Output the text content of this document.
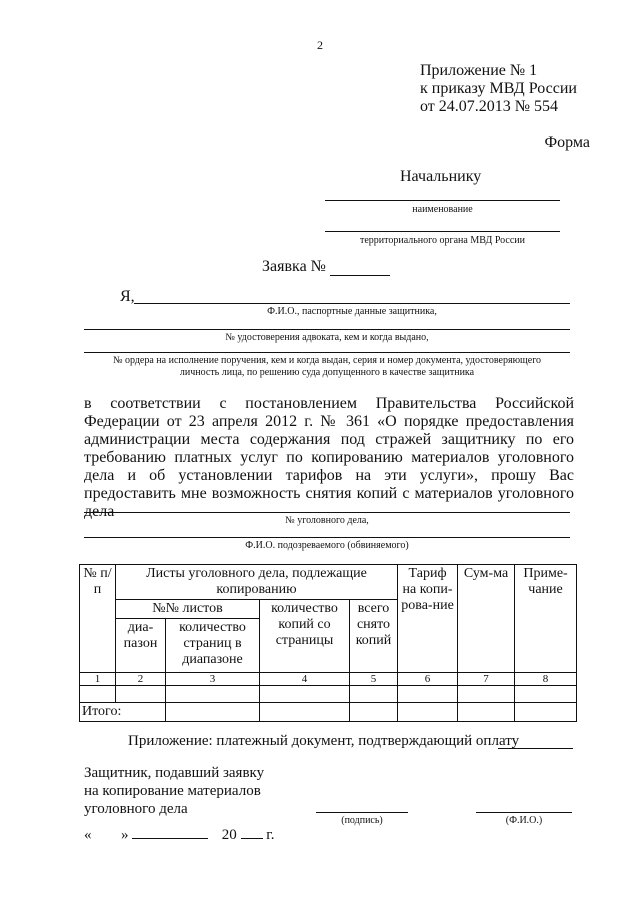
2
Приложение № 1
к приказу МВД России
от 24.07.2013 № 554
Форма
Начальнику
наименование
территориального органа МВД России
Заявка №
Я,
Ф.И.О., паспортные данные защитника,
№ удостоверения адвоката, кем и когда выдано,
№ ордера на исполнение поручения, кем и когда выдан, серия и номер документа, удостоверяющего
личность лица, по решению суда допущенного в качестве защитника
в соответствии с постановлением Правительства Российской Федерации от 23 апреля 2012 г. № 361 «О порядке предоставления администрации места содержания под стражей защитнику по его требованию платных услуг по копированию материалов уголовного дела и об установлении тарифов на эти услуги», прошу Вас предоставить мне возможность снятия копий с материалов уголовного дела
№ уголовного дела,
Ф.И.О. подозреваемого (обвиняемого)
№ п/п	Листы уголовного дела, подлежащие копированию				Тариф на копи-рова-ние	Сум-ма	Приме-чание
	№№ листов		количество копий со страницы	всего снято копий			
	диа-пазон	количество страниц в диапазоне					
1	2	3	4	5	6	7	8

Итого:							
Приложение: платежный документ, подтверждающий оплату
Защитник, подавший заявку
на копирование материалов
уголовного дела
(подпись)	(Ф.И.О.)
« »	20 г.
